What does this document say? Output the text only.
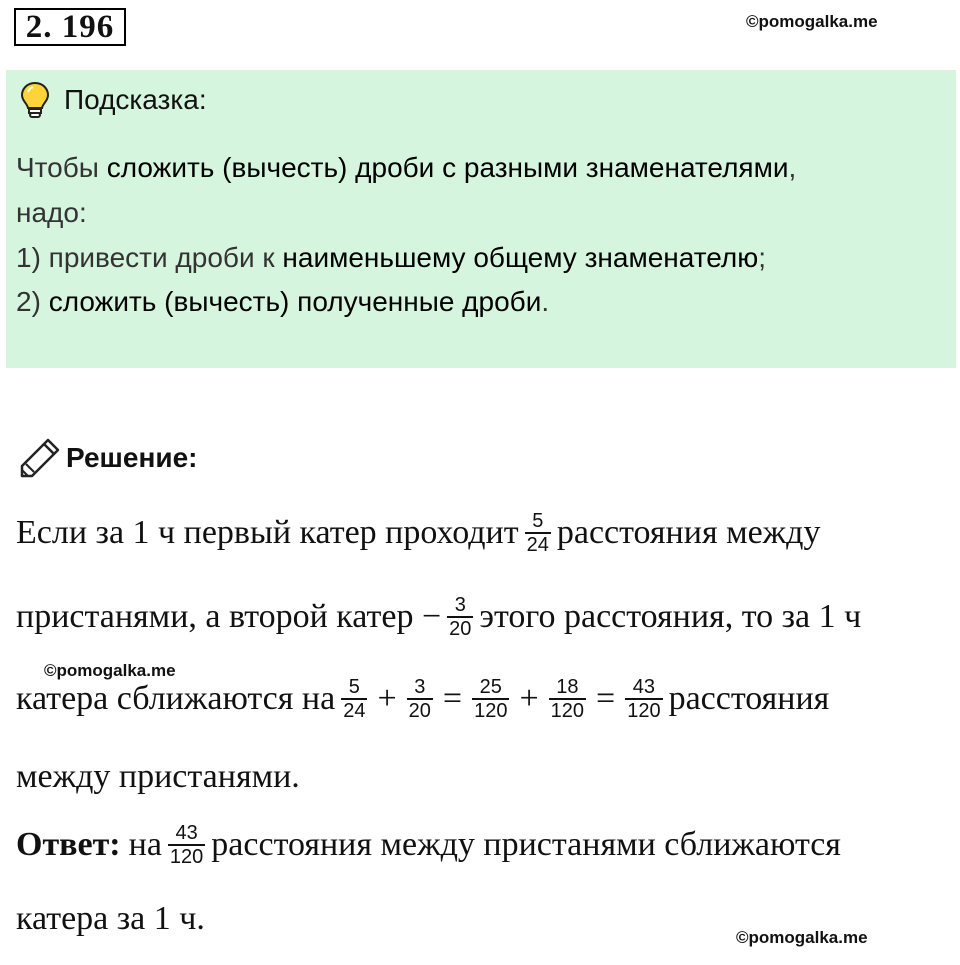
2. 196	©pomogalka.me
Подсказка:
Чтобы сложить (вычесть) дроби с разными знаменателями,
надо:
1) привести дроби к наименьшему общему знаменателю;
2) сложить (вычесть) полученные дроби.
Решение:
Если за 1 ч первый катер проходит $\frac{5}{24}$ расстояния между
пристанями, а второй катер − $\frac{3}{20}$ этого расстояния, то за 1 ч
©pomogalka.me
катера сближаются на $\frac{5}{24} + \frac{3}{20} = \frac{25}{120} + \frac{18}{120} = \frac{43}{120}$ расстояния
между пристанями.
Ответ: на $\frac{43}{120}$ расстояния между пристанями сближаются
катера за 1 ч.
©pomogalka.me
